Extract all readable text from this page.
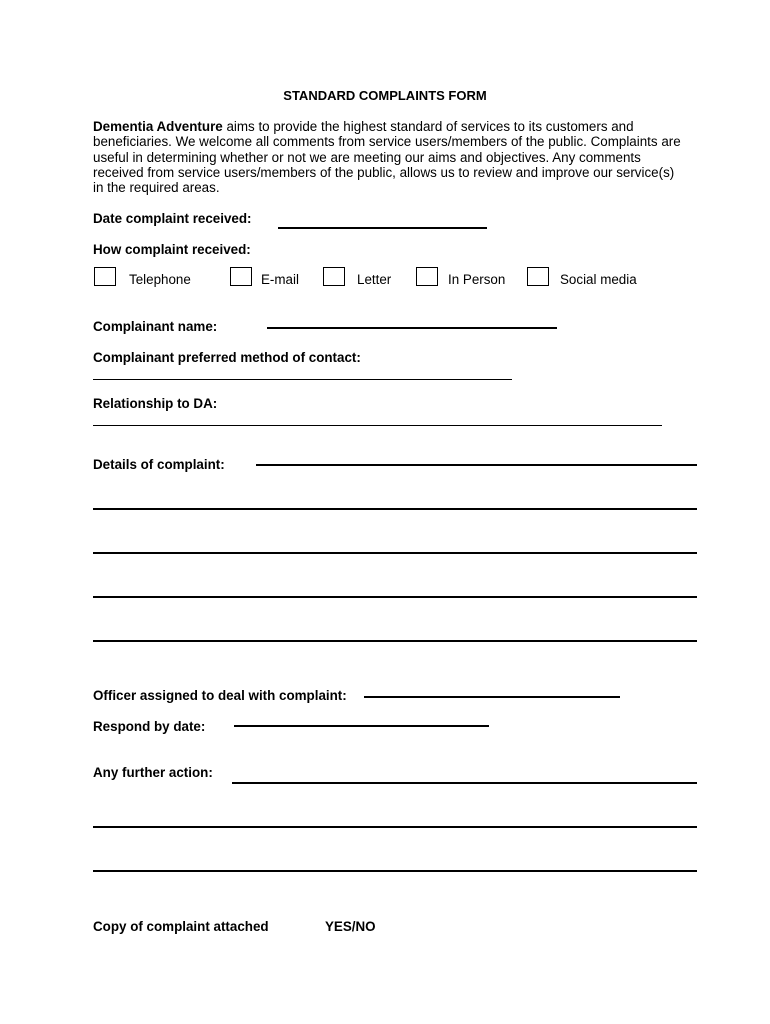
STANDARD COMPLAINTS FORM
Dementia Adventure aims to provide the highest standard of services to its customers and beneficiaries. We welcome all comments from service users/members of the public. Complaints are useful in determining whether or not we are meeting our aims and objectives. Any comments received from service users/members of the public, allows us to review and improve our service(s) in the required areas.
Date complaint received:
How complaint received:
Telephone	E-mail	Letter	In Person	Social media
Complainant name:
Complainant preferred method of contact:
Relationship to DA:
Details of complaint:
Officer assigned to deal with complaint:
Respond by date:
Any further action:
Copy of complaint attached	YES/NO
